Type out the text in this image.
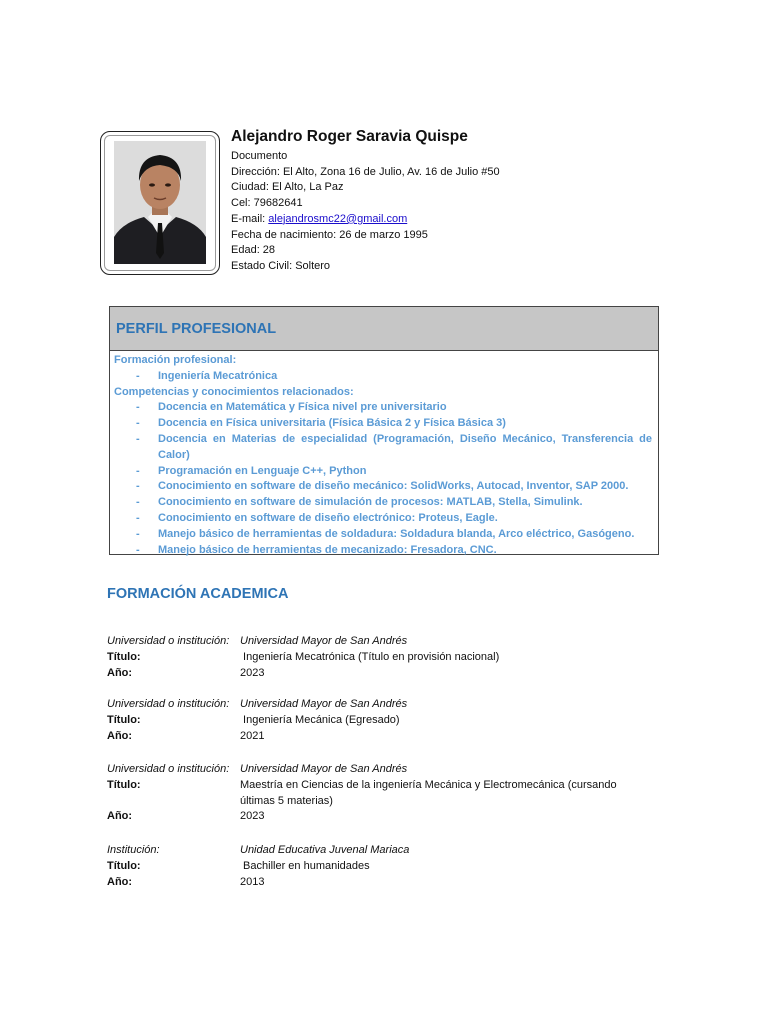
Alejandro Roger Saravia Quispe
Documento
Dirección: El Alto, Zona 16 de Julio, Av. 16 de Julio #50
Ciudad: El Alto, La Paz
Cel: 79682641
E-mail: alejandrosmc22@gmail.com
Fecha de nacimiento: 26 de marzo 1995
Edad: 28
Estado Civil: Soltero
PERFIL PROFESIONAL
Formación profesional:
-	Ingeniería Mecatrónica
Competencias y conocimientos relacionados:
-	Docencia en Matemática y Física nivel pre universitario
-	Docencia en Física universitaria (Física Básica 2 y Física Básica 3)
-	Docencia en Materias de especialidad (Programación, Diseño Mecánico, Transferencia de Calor)
-	Programación en Lenguaje C++, Python
-	Conocimiento en software de diseño mecánico: SolidWorks, Autocad, Inventor, SAP 2000.
-	Conocimiento en software de simulación de procesos: MATLAB, Stella, Simulink.
-	Conocimiento en software de diseño electrónico: Proteus, Eagle.
-	Manejo básico de herramientas de soldadura: Soldadura blanda, Arco eléctrico, Gasógeno.
-	Manejo básico de herramientas de mecanizado: Fresadora, CNC.
FORMACIÓN ACADEMICA
Universidad o institución: Universidad Mayor de San Andrés
Título:	Ingeniería Mecatrónica (Título en provisión nacional)
Año:	2023
Universidad o institución: Universidad Mayor de San Andrés
Título:	Ingeniería Mecánica (Egresado)
Año:	2021
Universidad o institución: Universidad Mayor de San Andrés
Título:	Maestría en Ciencias de la ingeniería Mecánica y Electromecánica (cursando últimas 5 materias)
Año:	2023
Institución:	Unidad Educativa Juvenal Mariaca
Título:	Bachiller en humanidades
Año:	2013
